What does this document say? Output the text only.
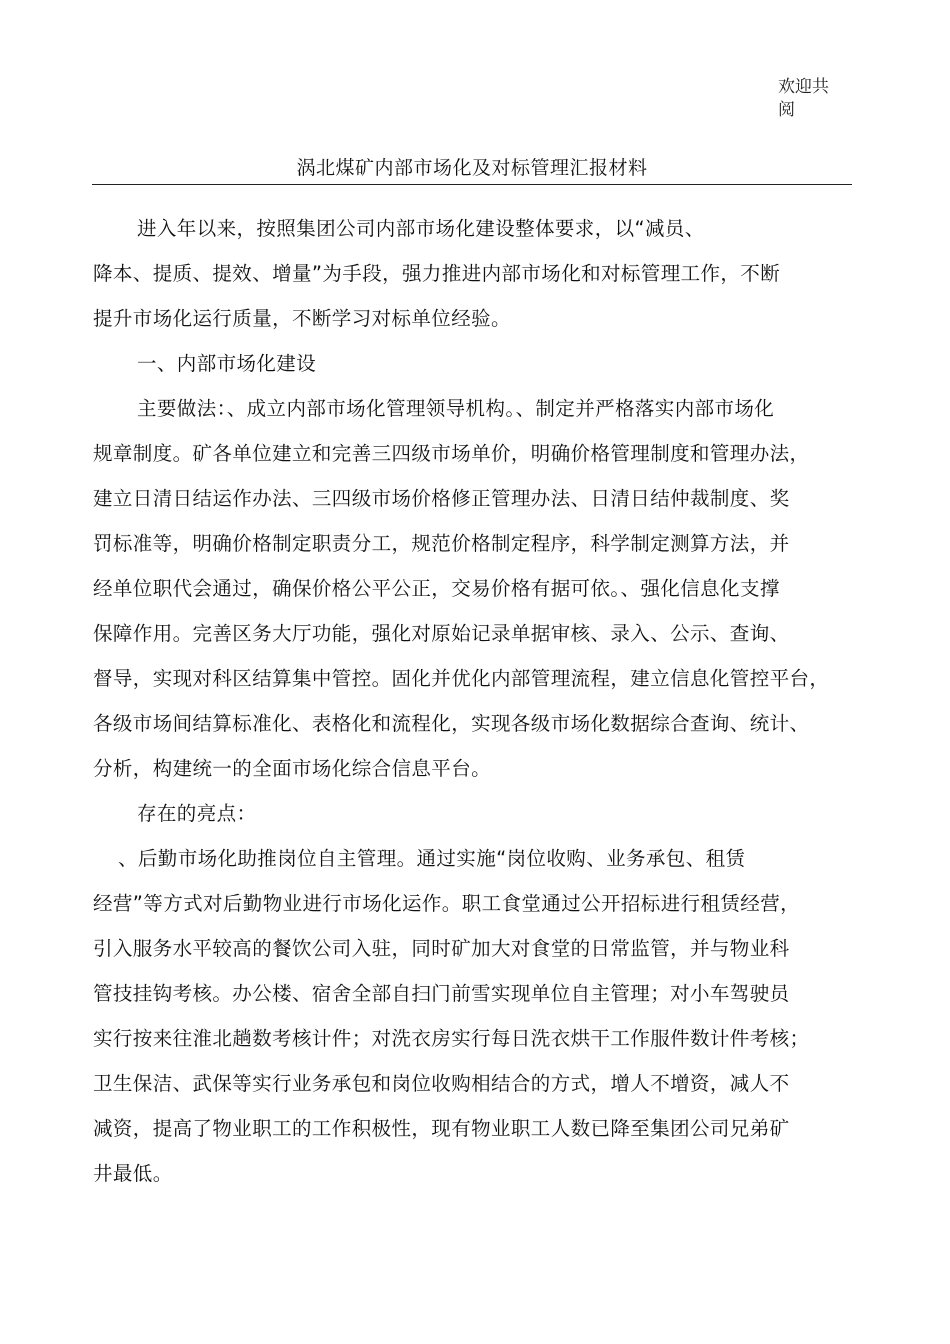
欢迎共
阅
涡北煤矿内部市场化及对标管理汇报材料
进入年以来，按照集团公司内部市场化建设整体要求，以“减员、
降本、提质、提效、增量”为手段，强力推进内部市场化和对标管理工作，不断
提升市场化运行质量，不断学习对标单位经验。
一、内部市场化建设
主要做法：、成立内部市场化管理领导机构。、制定并严格落实内部市场化
规章制度。矿各单位建立和完善三四级市场单价，明确价格管理制度和管理办法，
建立日清日结运作办法、三四级市场价格修正管理办法、日清日结仲裁制度、奖
罚标准等，明确价格制定职责分工，规范价格制定程序，科学制定测算方法，并
经单位职代会通过，确保价格公平公正，交易价格有据可依。、强化信息化支撑
保障作用。完善区务大厅功能，强化对原始记录单据审核、录入、公示、查询、
督导，实现对科区结算集中管控。固化并优化内部管理流程，建立信息化管控平台，
各级市场间结算标准化、表格化和流程化，实现各级市场化数据综合查询、统计、
分析，构建统一的全面市场化综合信息平台。
存在的亮点：
、后勤市场化助推岗位自主管理。通过实施“岗位收购、业务承包、租赁
经营”等方式对后勤物业进行市场化运作。职工食堂通过公开招标进行租赁经营，
引入服务水平较高的餐饮公司入驻，同时矿加大对食堂的日常监管，并与物业科
管技挂钩考核。办公楼、宿舍全部自扫门前雪实现单位自主管理；对小车驾驶员
实行按来往淮北趟数考核计件；对洗衣房实行每日洗衣烘干工作服件数计件考核；
卫生保洁、武保等实行业务承包和岗位收购相结合的方式，增人不增资，减人不
减资，提高了物业职工的工作积极性，现有物业职工人数已降至集团公司兄弟矿
井最低。
